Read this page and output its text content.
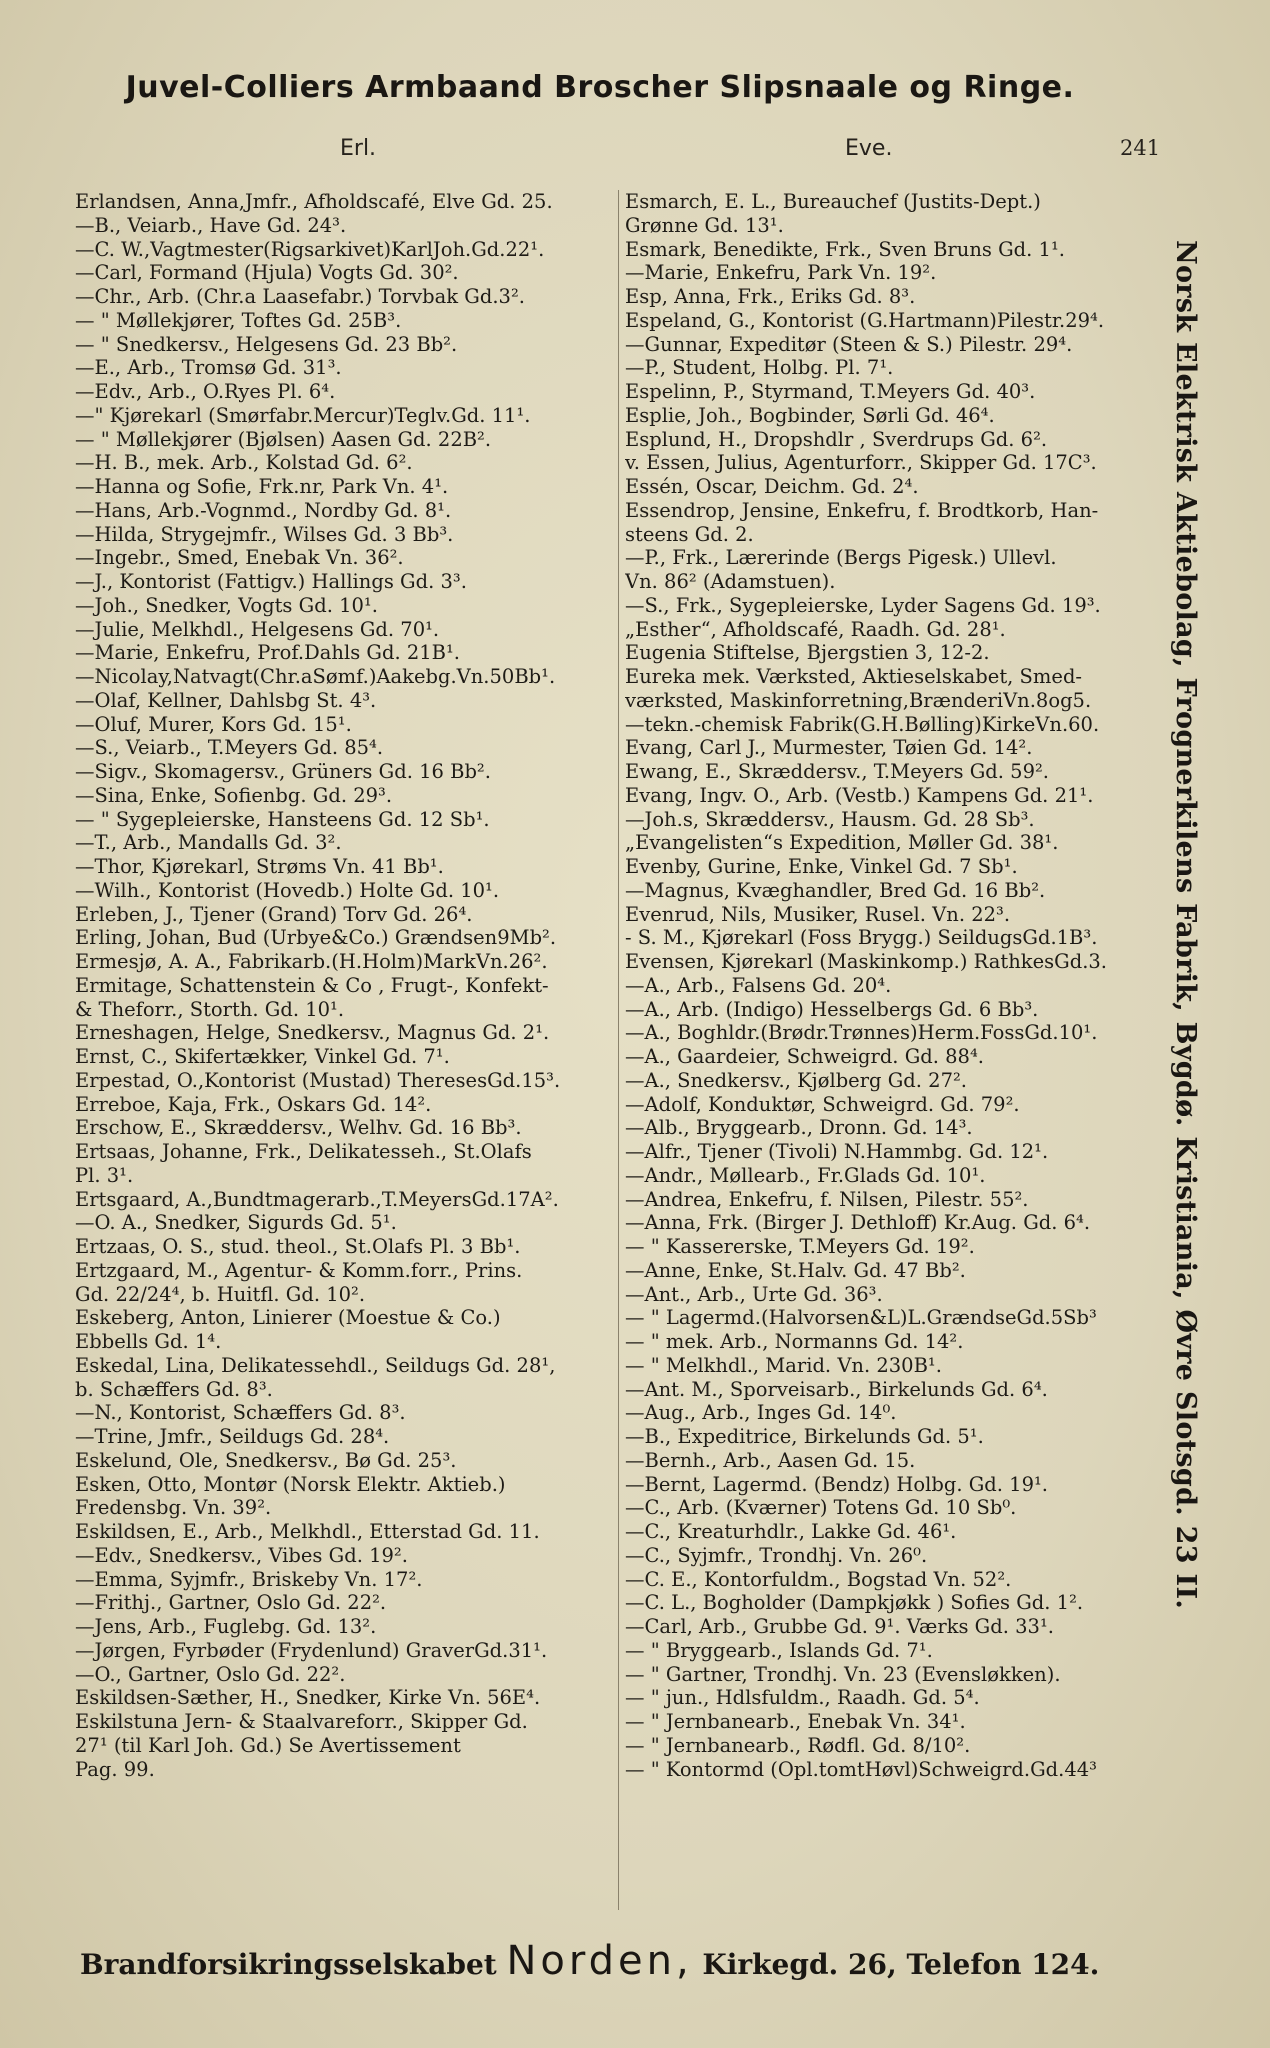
Juvel-Colliers Armbaand Broscher Slipsnaale og Ringe.
Erl.	Eve.	241
Erlandsen, Anna,Jmfr., Afholdscafé, Elve Gd. 25.
—B., Veiarb., Have Gd. 24³.
—C. W.,Vagtmester(Rigsarkivet)KarlJoh.Gd.22¹.
—Carl, Formand (Hjula) Vogts Gd. 30².
—Chr., Arb. (Chr.a Laasefabr.) Torvbak Gd.3².
— " Møllekjører, Toftes Gd. 25B³.
— " Snedkersv., Helgesens Gd. 23 Bb².
—E., Arb., Tromsø Gd. 31³.
—Edv., Arb., O.Ryes Pl. 6⁴.
—" Kjørekarl (Smørfabr.Mercur)Teglv.Gd. 11¹.
— " Møllekjører (Bjølsen) Aasen Gd. 22B².
—H. B., mek. Arb., Kolstad Gd. 6².
—Hanna og Sofie, Frk.nr, Park Vn. 4¹.
—Hans, Arb.-Vognmd., Nordby Gd. 8¹.
—Hilda, Strygejmfr., Wilses Gd. 3 Bb³.
—Ingebr., Smed, Enebak Vn. 36².
—J., Kontorist (Fattigv.) Hallings Gd. 3³.
—Joh., Snedker, Vogts Gd. 10¹.
—Julie, Melkhdl., Helgesens Gd. 70¹.
—Marie, Enkefru, Prof.Dahls Gd. 21B¹.
—Nicolay,Natvagt(Chr.aSømf.)Aakebg.Vn.50Bb¹.
—Olaf, Kellner, Dahlsbg St. 4³.
—Oluf, Murer, Kors Gd. 15¹.
—S., Veiarb., T.Meyers Gd. 85⁴.
—Sigv., Skomagersv., Grüners Gd. 16 Bb².
—Sina, Enke, Sofienbg. Gd. 29³.
— " Sygepleierske, Hansteens Gd. 12 Sb¹.
—T., Arb., Mandalls Gd. 3².
—Thor, Kjørekarl, Strøms Vn. 41 Bb¹.
—Wilh., Kontorist (Hovedb.) Holte Gd. 10¹.
Erleben, J., Tjener (Grand) Torv Gd. 26⁴.
Erling, Johan, Bud (Urbye&Co.) Grændsen9Mb².
Ermesjø, A. A., Fabrikarb.(H.Holm)MarkVn.26².
Ermitage, Schattenstein & Co , Frugt-, Konfekt-
& Theforr., Storth. Gd. 10¹.
Erneshagen, Helge, Snedkersv., Magnus Gd. 2¹.
Ernst, C., Skifertækker, Vinkel Gd. 7¹.
Erpestad, O.,Kontorist (Mustad) TheresesGd.15³.
Erreboe, Kaja, Frk., Oskars Gd. 14².
Erschow, E., Skræddersv., Welhv. Gd. 16 Bb³.
Ertsaas, Johanne, Frk., Delikatesseh., St.Olafs
Pl. 3¹.
Ertsgaard, A.,Bundtmagerarb.,T.MeyersGd.17A².
—O. A., Snedker, Sigurds Gd. 5¹.
Ertzaas, O. S., stud. theol., St.Olafs Pl. 3 Bb¹.
Ertzgaard, M., Agentur- & Komm.forr., Prins.
Gd. 22/24⁴, b. Huitfl. Gd. 10².
Eskeberg, Anton, Linierer (Moestue & Co.)
Ebbells Gd. 1⁴.
Eskedal, Lina, Delikatessehdl., Seildugs Gd. 28¹,
b. Schæffers Gd. 8³.
—N., Kontorist, Schæffers Gd. 8³.
—Trine, Jmfr., Seildugs Gd. 28⁴.
Eskelund, Ole, Snedkersv., Bø Gd. 25³.
Esken, Otto, Montør (Norsk Elektr. Aktieb.)
Fredensbg. Vn. 39².
Eskildsen, E., Arb., Melkhdl., Etterstad Gd. 11.
—Edv., Snedkersv., Vibes Gd. 19².
—Emma, Syjmfr., Briskeby Vn. 17².
—Frithj., Gartner, Oslo Gd. 22².
—Jens, Arb., Fuglebg. Gd. 13².
—Jørgen, Fyrbøder (Frydenlund) GraverGd.31¹.
—O., Gartner, Oslo Gd. 22².
Eskildsen-Sæther, H., Snedker, Kirke Vn. 56E⁴.
Eskilstuna Jern- & Staalvareforr., Skipper Gd.
27¹ (til Karl Joh. Gd.) Se Avertissement
Pag. 99.
Esmarch, E. L., Bureauchef (Justits-Dept.)
Grønne Gd. 13¹.
Esmark, Benedikte, Frk., Sven Bruns Gd. 1¹.
—Marie, Enkefru, Park Vn. 19².
Esp, Anna, Frk., Eriks Gd. 8³.
Espeland, G., Kontorist (G.Hartmann)Pilestr.29⁴.
—Gunnar, Expeditør (Steen & S.) Pilestr. 29⁴.
—P., Student, Holbg. Pl. 7¹.
Espelinn, P., Styrmand, T.Meyers Gd. 40³.
Esplie, Joh., Bogbinder, Sørli Gd. 46⁴.
Esplund, H., Dropshdlr , Sverdrups Gd. 6².
v. Essen, Julius, Agenturforr., Skipper Gd. 17C³.
Essén, Oscar, Deichm. Gd. 2⁴.
Essendrop, Jensine, Enkefru, f. Brodtkorb, Han-
steens Gd. 2.
—P., Frk., Lærerinde (Bergs Pigesk.) Ullevl.
Vn. 86² (Adamstuen).
—S., Frk., Sygepleierske, Lyder Sagens Gd. 19³.
„Esther“, Afholdscafé, Raadh. Gd. 28¹.
Eugenia Stiftelse, Bjergstien 3, 12-2.
Eureka mek. Værksted, Aktieselskabet, Smed-
værksted, Maskinforretning,BrænderiVn.8og5.
—tekn.-chemisk Fabrik(G.H.Bølling)KirkeVn.60.
Evang, Carl J., Murmester, Tøien Gd. 14².
Ewang, E., Skræddersv., T.Meyers Gd. 59².
Evang, Ingv. O., Arb. (Vestb.) Kampens Gd. 21¹.
—Joh.s, Skræddersv., Hausm. Gd. 28 Sb³.
„Evangelisten“s Expedition, Møller Gd. 38¹.
Evenby, Gurine, Enke, Vinkel Gd. 7 Sb¹.
—Magnus, Kvæghandler, Bred Gd. 16 Bb².
Evenrud, Nils, Musiker, Rusel. Vn. 22³.
- S. M., Kjørekarl (Foss Brygg.) SeildugsGd.1B³.
Evensen, Kjørekarl (Maskinkomp.) RathkesGd.3.
—A., Arb., Falsens Gd. 20⁴.
—A., Arb. (Indigo) Hesselbergs Gd. 6 Bb³.
—A., Boghldr.(Brødr.Trønnes)Herm.FossGd.10¹.
—A., Gaardeier, Schweigrd. Gd. 88⁴.
—A., Snedkersv., Kjølberg Gd. 27².
—Adolf, Konduktør, Schweigrd. Gd. 79².
—Alb., Bryggearb., Dronn. Gd. 14³.
—Alfr., Tjener (Tivoli) N.Hammbg. Gd. 12¹.
—Andr., Møllearb., Fr.Glads Gd. 10¹.
—Andrea, Enkefru, f. Nilsen, Pilestr. 55².
—Anna, Frk. (Birger J. Dethloff) Kr.Aug. Gd. 6⁴.
— " Kassererske, T.Meyers Gd. 19².
—Anne, Enke, St.Halv. Gd. 47 Bb².
—Ant., Arb., Urte Gd. 36³.
— " Lagermd.(Halvorsen&L)L.GrændseGd.5Sb³
— " mek. Arb., Normanns Gd. 14².
— " Melkhdl., Marid. Vn. 230B¹.
—Ant. M., Sporveisarb., Birkelunds Gd. 6⁴.
—Aug., Arb., Inges Gd. 14⁰.
—B., Expeditrice, Birkelunds Gd. 5¹.
—Bernh., Arb., Aasen Gd. 15.
—Bernt, Lagermd. (Bendz) Holbg. Gd. 19¹.
—C., Arb. (Kværner) Totens Gd. 10 Sb⁰.
—C., Kreaturhdlr., Lakke Gd. 46¹.
—C., Syjmfr., Trondhj. Vn. 26⁰.
—C. E., Kontorfuldm., Bogstad Vn. 52².
—C. L., Bogholder (Dampkjøkk ) Sofies Gd. 1².
—Carl, Arb., Grubbe Gd. 9¹. Værks Gd. 33¹.
— " Bryggearb., Islands Gd. 7¹.
— " Gartner, Trondhj. Vn. 23 (Evensløkken).
— " jun., Hdlsfuldm., Raadh. Gd. 5⁴.
— " Jernbanearb., Enebak Vn. 34¹.
— " Jernbanearb., Rødfl. Gd. 8/10².
— " Kontormd (Opl.tomtHøvl)Schweigrd.Gd.44³
Norsk Elektrisk Aktiebolag, Frognerkilens Fabrik, Bygdø. Kristiania, Øvre Slotsgd. 23 II.
Brandforsikringsselskabet Norden, Kirkegd. 26, Telefon 124.
